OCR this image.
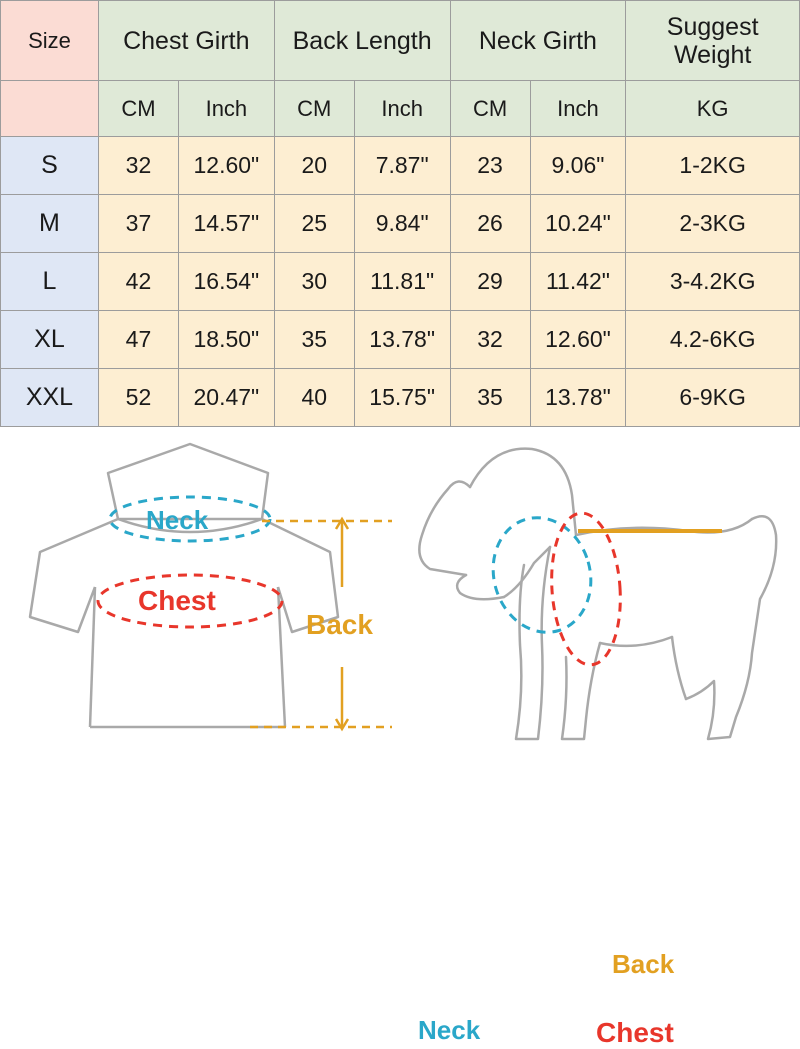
Size	Chest Girth		Back Length		Neck Girth		Suggest Weight
	CM	Inch	CM	Inch	CM	Inch	KG
S	32	12.60"	20	7.87"	23	9.06"	1-2KG
M	37	14.57"	25	9.84"	26	10.24"	2-3KG
L	42	16.54"	30	11.81"	29	11.42"	3-4.2KG
XL	47	18.50"	35	13.78"	32	12.60"	4.2-6KG
XXL	52	20.47"	40	15.75"	35	13.78"	6-9KG
Neck
Chest
Back
Neck	Chest
Back
